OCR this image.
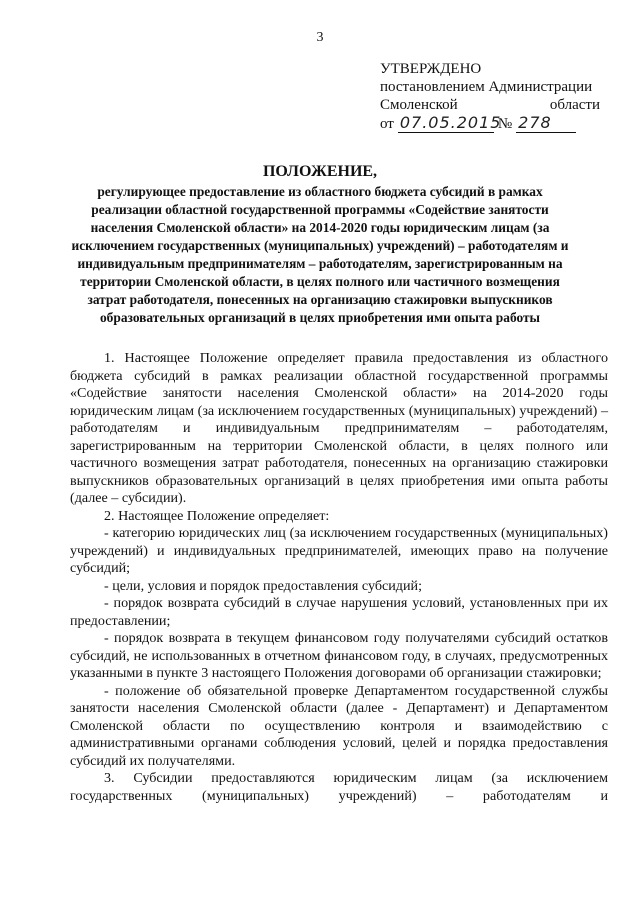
3
УТВЕРЖДЕНО
постановлением Администрации
Смоленской	области
от 07.05.2015
№ 278
ПОЛОЖЕНИЕ,
регулирующее предоставление из областного бюджета субсидий в рамках реализации областной государственной программы «Содействие занятости населения Смоленской области» на 2014-2020 годы юридическим лицам (за исключением государственных (муниципальных) учреждений) – работодателям и индивидуальным предпринимателям – работодателям, зарегистрированным на территории Смоленской области, в целях полного или частичного возмещения затрат работодателя, понесенных на организацию стажировки выпускников образовательных организаций в целях приобретения ими опыта работы

1. Настоящее Положение определяет правила предоставления из областного бюджета субсидий в рамках реализации областной государственной программы «Содействие занятости населения Смоленской области» на 2014-2020 годы юридическим лицам (за исключением государственных (муниципальных) учреждений) – работодателям и индивидуальным предпринимателям – работодателям, зарегистрированным на территории Смоленской области, в целях полного или частичного возмещения затрат работодателя, понесенных на организацию стажировки выпускников образовательных организаций в целях приобретения ими опыта работы (далее – субсидии).

2. Настоящее Положение определяет:

- категорию юридических лиц (за исключением государственных (муниципальных) учреждений) и индивидуальных предпринимателей, имеющих право на получение субсидий;

- цели, условия и порядок предоставления субсидий;

- порядок возврата субсидий в случае нарушения условий, установленных при их предоставлении;

- порядок возврата в текущем финансовом году получателями субсидий остатков субсидий, не использованных в отчетном финансовом году, в случаях, предусмотренных указанными в пункте 3 настоящего Положения договорами об организации стажировки;

- положение об обязательной проверке Департаментом государственной службы занятости населения Смоленской области (далее - Департамент) и Департаментом Смоленской области по осуществлению контроля и взаимодействию с административными органами соблюдения условий, целей и порядка предоставления субсидий их получателями.

3. Субсидии предоставляются юридическим лицам (за исключением государственных (муниципальных) учреждений) – работодателям и
